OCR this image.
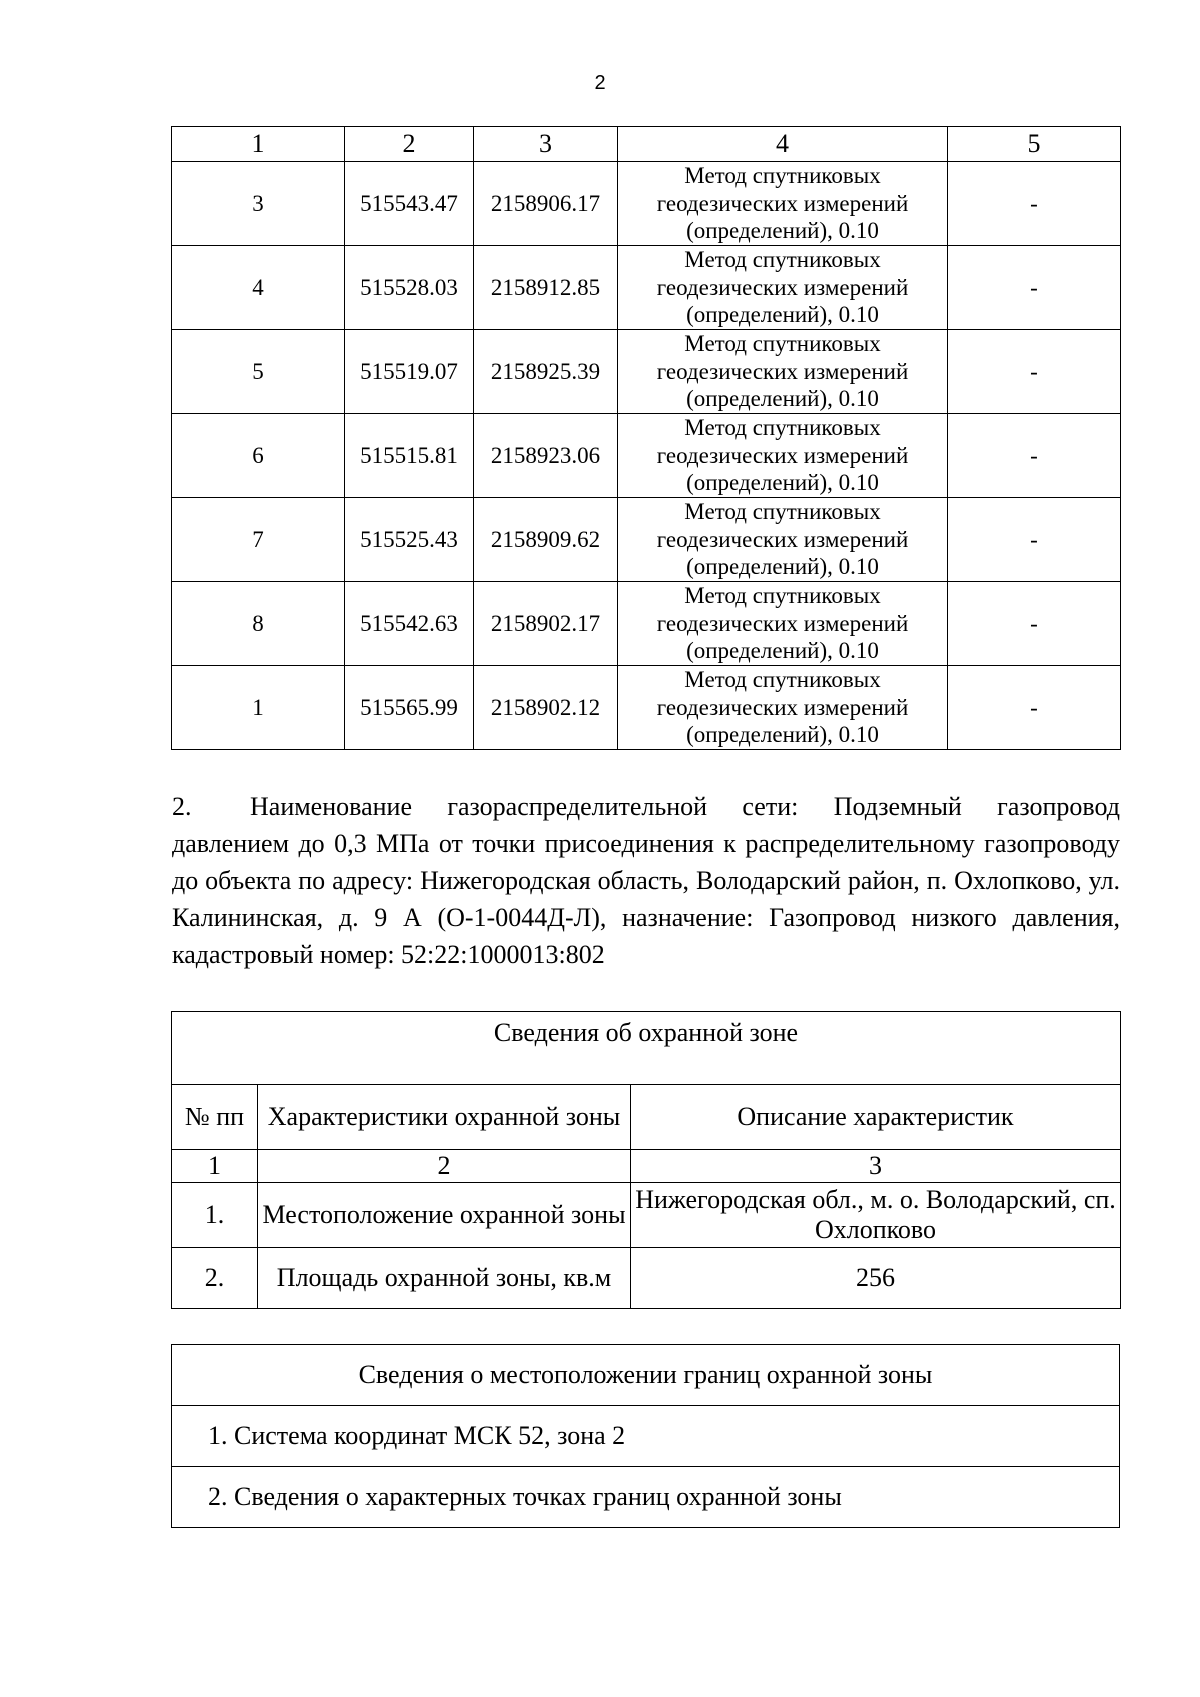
2
1	2	3	4	5
3	515543.47	2158906.17	Метод спутниковых
геодезических измерений
(определений), 0.10	-
4	515528.03	2158912.85	Метод спутниковых
геодезических измерений
(определений), 0.10	-
5	515519.07	2158925.39	Метод спутниковых
геодезических измерений
(определений), 0.10	-
6	515515.81	2158923.06	Метод спутниковых
геодезических измерений
(определений), 0.10	-
7	515525.43	2158909.62	Метод спутниковых
геодезических измерений
(определений), 0.10	-
8	515542.63	2158902.17	Метод спутниковых
геодезических измерений
(определений), 0.10	-
1	515565.99	2158902.12	Метод спутниковых
геодезических измерений
(определений), 0.10	-

2. Наименование газораспределительной сети: Подземный газопровод давлением до 0,3 МПа от точки присоединения к распределительному газопроводу до объекта по адресу: Нижегородская область, Володарский район, п. Охлопково, ул. Калининская, д. 9 А (О-1-0044Д-Л), назначение: Газопровод низкого давления, кадастровый номер: 52:22:1000013:802

Сведения об охранной зоне		
№ пп	Характеристики охранной зоны	Описание характеристик
1	2	3
1.	Местоположение охранной зоны	Нижегородская обл., м. о. Володарский, сп. Охлопково
2.	Площадь охранной зоны, кв.м	256
Сведения о местоположении границ охранной зоны
1. Система координат МСК 52, зона 2
2. Сведения о характерных точках границ охранной зоны
